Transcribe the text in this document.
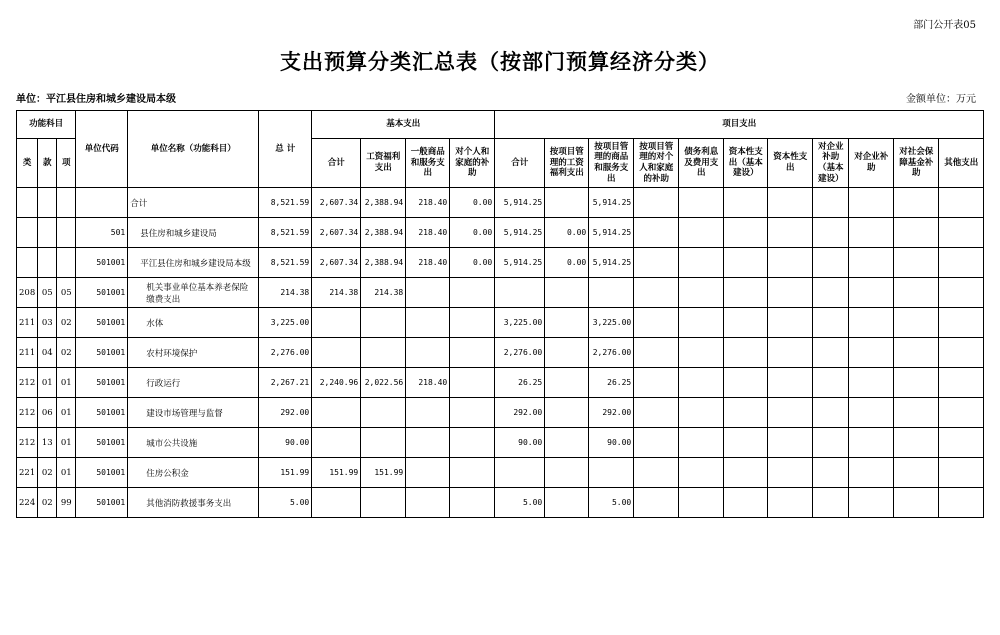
部门公开表05
支出预算分类汇总表（按部门预算经济分类）
单位：平江县住房和城乡建设局本级	金额单位：万元
功能科目			单位代码	单位名称（功能科目）	总 计	基本支出				项目支出										
类	款	项				合计	工资福利支出	一般商品和服务支出	对个人和家庭的补助	合计	按项目管理的工资福利支出	按项目管理的商品和服务支出	按项目管理的对个人和家庭的补助	债务利息及费用支出	资本性支出（基本建设）	资本性支出	对企业补助（基本建设）	对企业补助	对社会保障基金补助	其他支出
				合计	8,521.59	2,607.34	2,388.94	218.40	0.00	5,914.25		5,914.25								
			501	县住房和城乡建设局	8,521.59	2,607.34	2,388.94	218.40	0.00	5,914.25	0.00	5,914.25								
			501001	平江县住房和城乡建设局本级	8,521.59	2,607.34	2,388.94	218.40	0.00	5,914.25	0.00	5,914.25								
208	05	05	501001	机关事业单位基本养老保险缴费支出	214.38	214.38	214.38													
211	03	02	501001	水体	3,225.00					3,225.00		3,225.00								
211	04	02	501001	农村环境保护	2,276.00					2,276.00		2,276.00								
212	01	01	501001	行政运行	2,267.21	2,240.96	2,022.56	218.40		26.25		26.25								
212	06	01	501001	建设市场管理与监督	292.00					292.00		292.00								
212	13	01	501001	城市公共设施	90.00					90.00		90.00								
221	02	01	501001	住房公积金	151.99	151.99	151.99													
224	02	99	501001	其他消防救援事务支出	5.00					5.00		5.00								
